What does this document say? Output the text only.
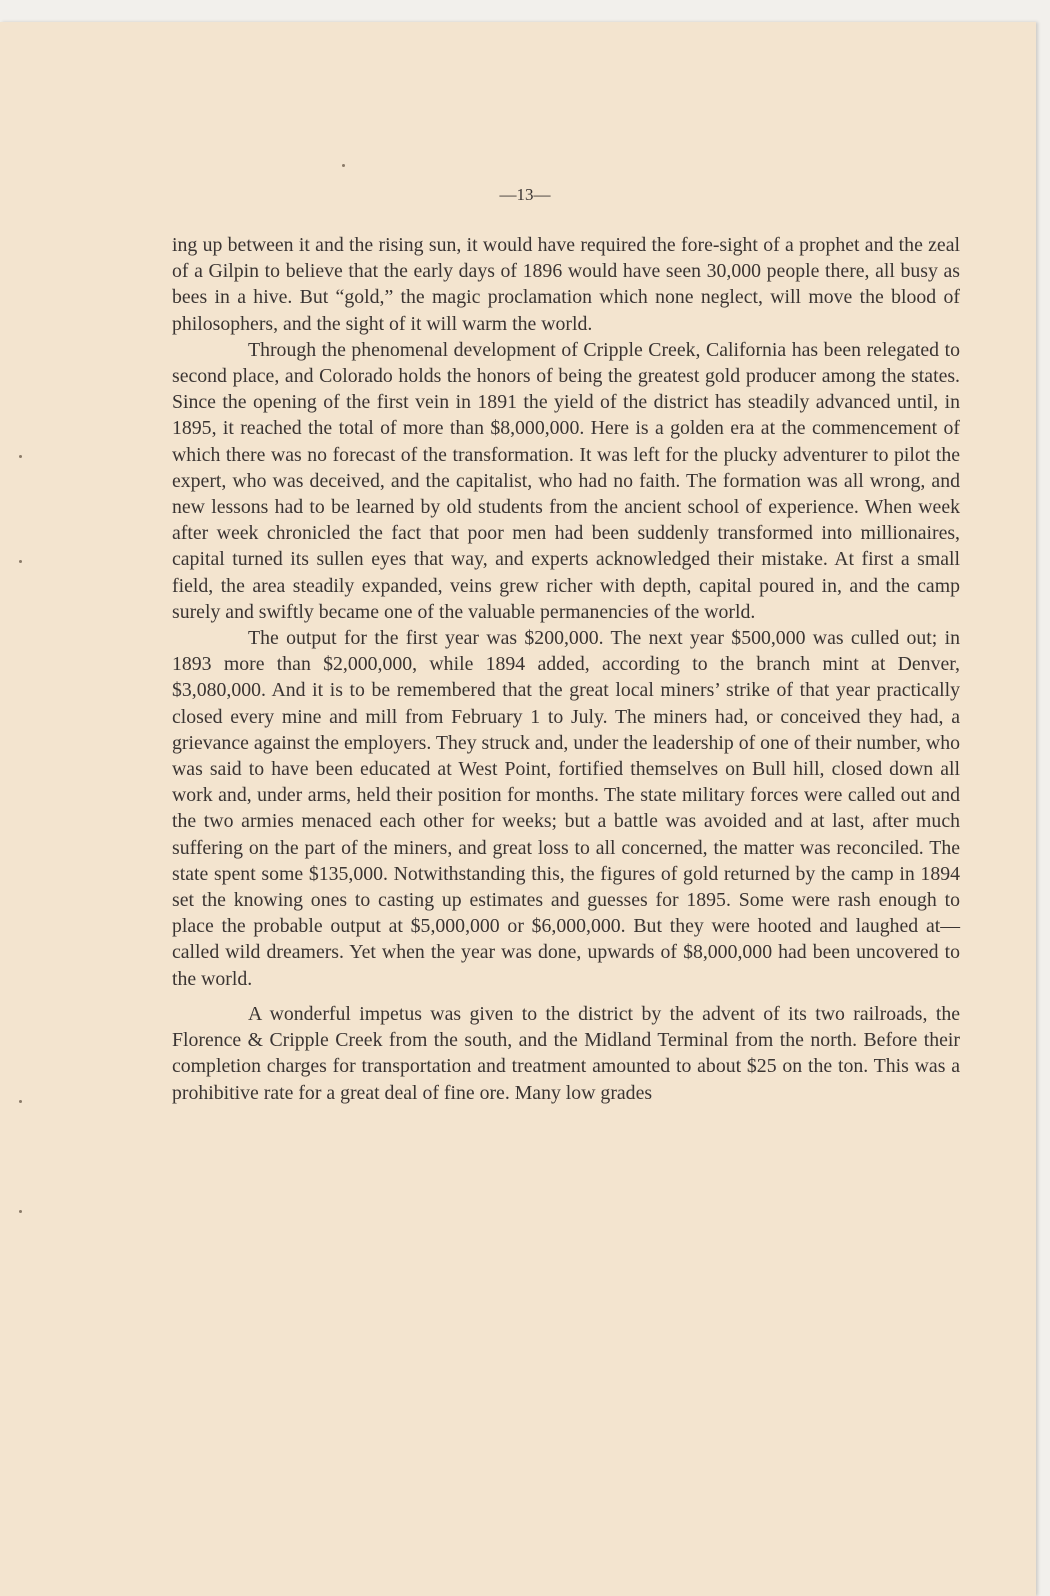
—13—

ing up between it and the rising sun, it would have required the fore-sight of a prophet and the zeal of a Gilpin to believe that the early days of 1896 would have seen 30,000 people there, all busy as bees in a hive. But “gold,” the magic proclamation which none neglect, will move the blood of philosophers, and the sight of it will warm the world.

Through the phenomenal development of Cripple Creek, California has been relegated to second place, and Colorado holds the honors of being the greatest gold producer among the states. Since the opening of the first vein in 1891 the yield of the district has steadily advanced until, in 1895, it reached the total of more than $8,000,000. Here is a golden era at the commencement of which there was no forecast of the transformation. It was left for the plucky adventurer to pilot the expert, who was deceived, and the capitalist, who had no faith. The formation was all wrong, and new lessons had to be learned by old students from the ancient school of experience. When week after week chronicled the fact that poor men had been suddenly transformed into millionaires, capital turned its sullen eyes that way, and experts acknowledged their mistake. At first a small field, the area steadily expanded, veins grew richer with depth, capital poured in, and the camp surely and swiftly became one of the valuable permanencies of the world.

The output for the first year was $200,000. The next year $500,000 was culled out; in 1893 more than $2,000,000, while 1894 added, according to the branch mint at Denver, $3,080,000. And it is to be remembered that the great local miners’ strike of that year practically closed every mine and mill from February 1 to July. The miners had, or conceived they had, a grievance against the employers. They struck and, under the leadership of one of their number, who was said to have been educated at West Point, fortified themselves on Bull hill, closed down all work and, under arms, held their position for months. The state military forces were called out and the two armies menaced each other for weeks; but a battle was avoided and at last, after much suffering on the part of the miners, and great loss to all concerned, the matter was reconciled. The state spent some $135,000. Notwithstanding this, the figures of gold returned by the camp in 1894 set the knowing ones to casting up estimates and guesses for 1895. Some were rash enough to place the probable output at $5,000,000 or $6,000,000. But they were hooted and laughed at—called wild dreamers. Yet when the year was done, upwards of $8,000,000 had been uncovered to the world.

A wonderful impetus was given to the district by the advent of its two railroads, the Florence & Cripple Creek from the south, and the Midland Terminal from the north. Before their completion charges for transportation and treatment amounted to about $25 on the ton. This was a prohibitive rate for a great deal of fine ore. Many low grades
